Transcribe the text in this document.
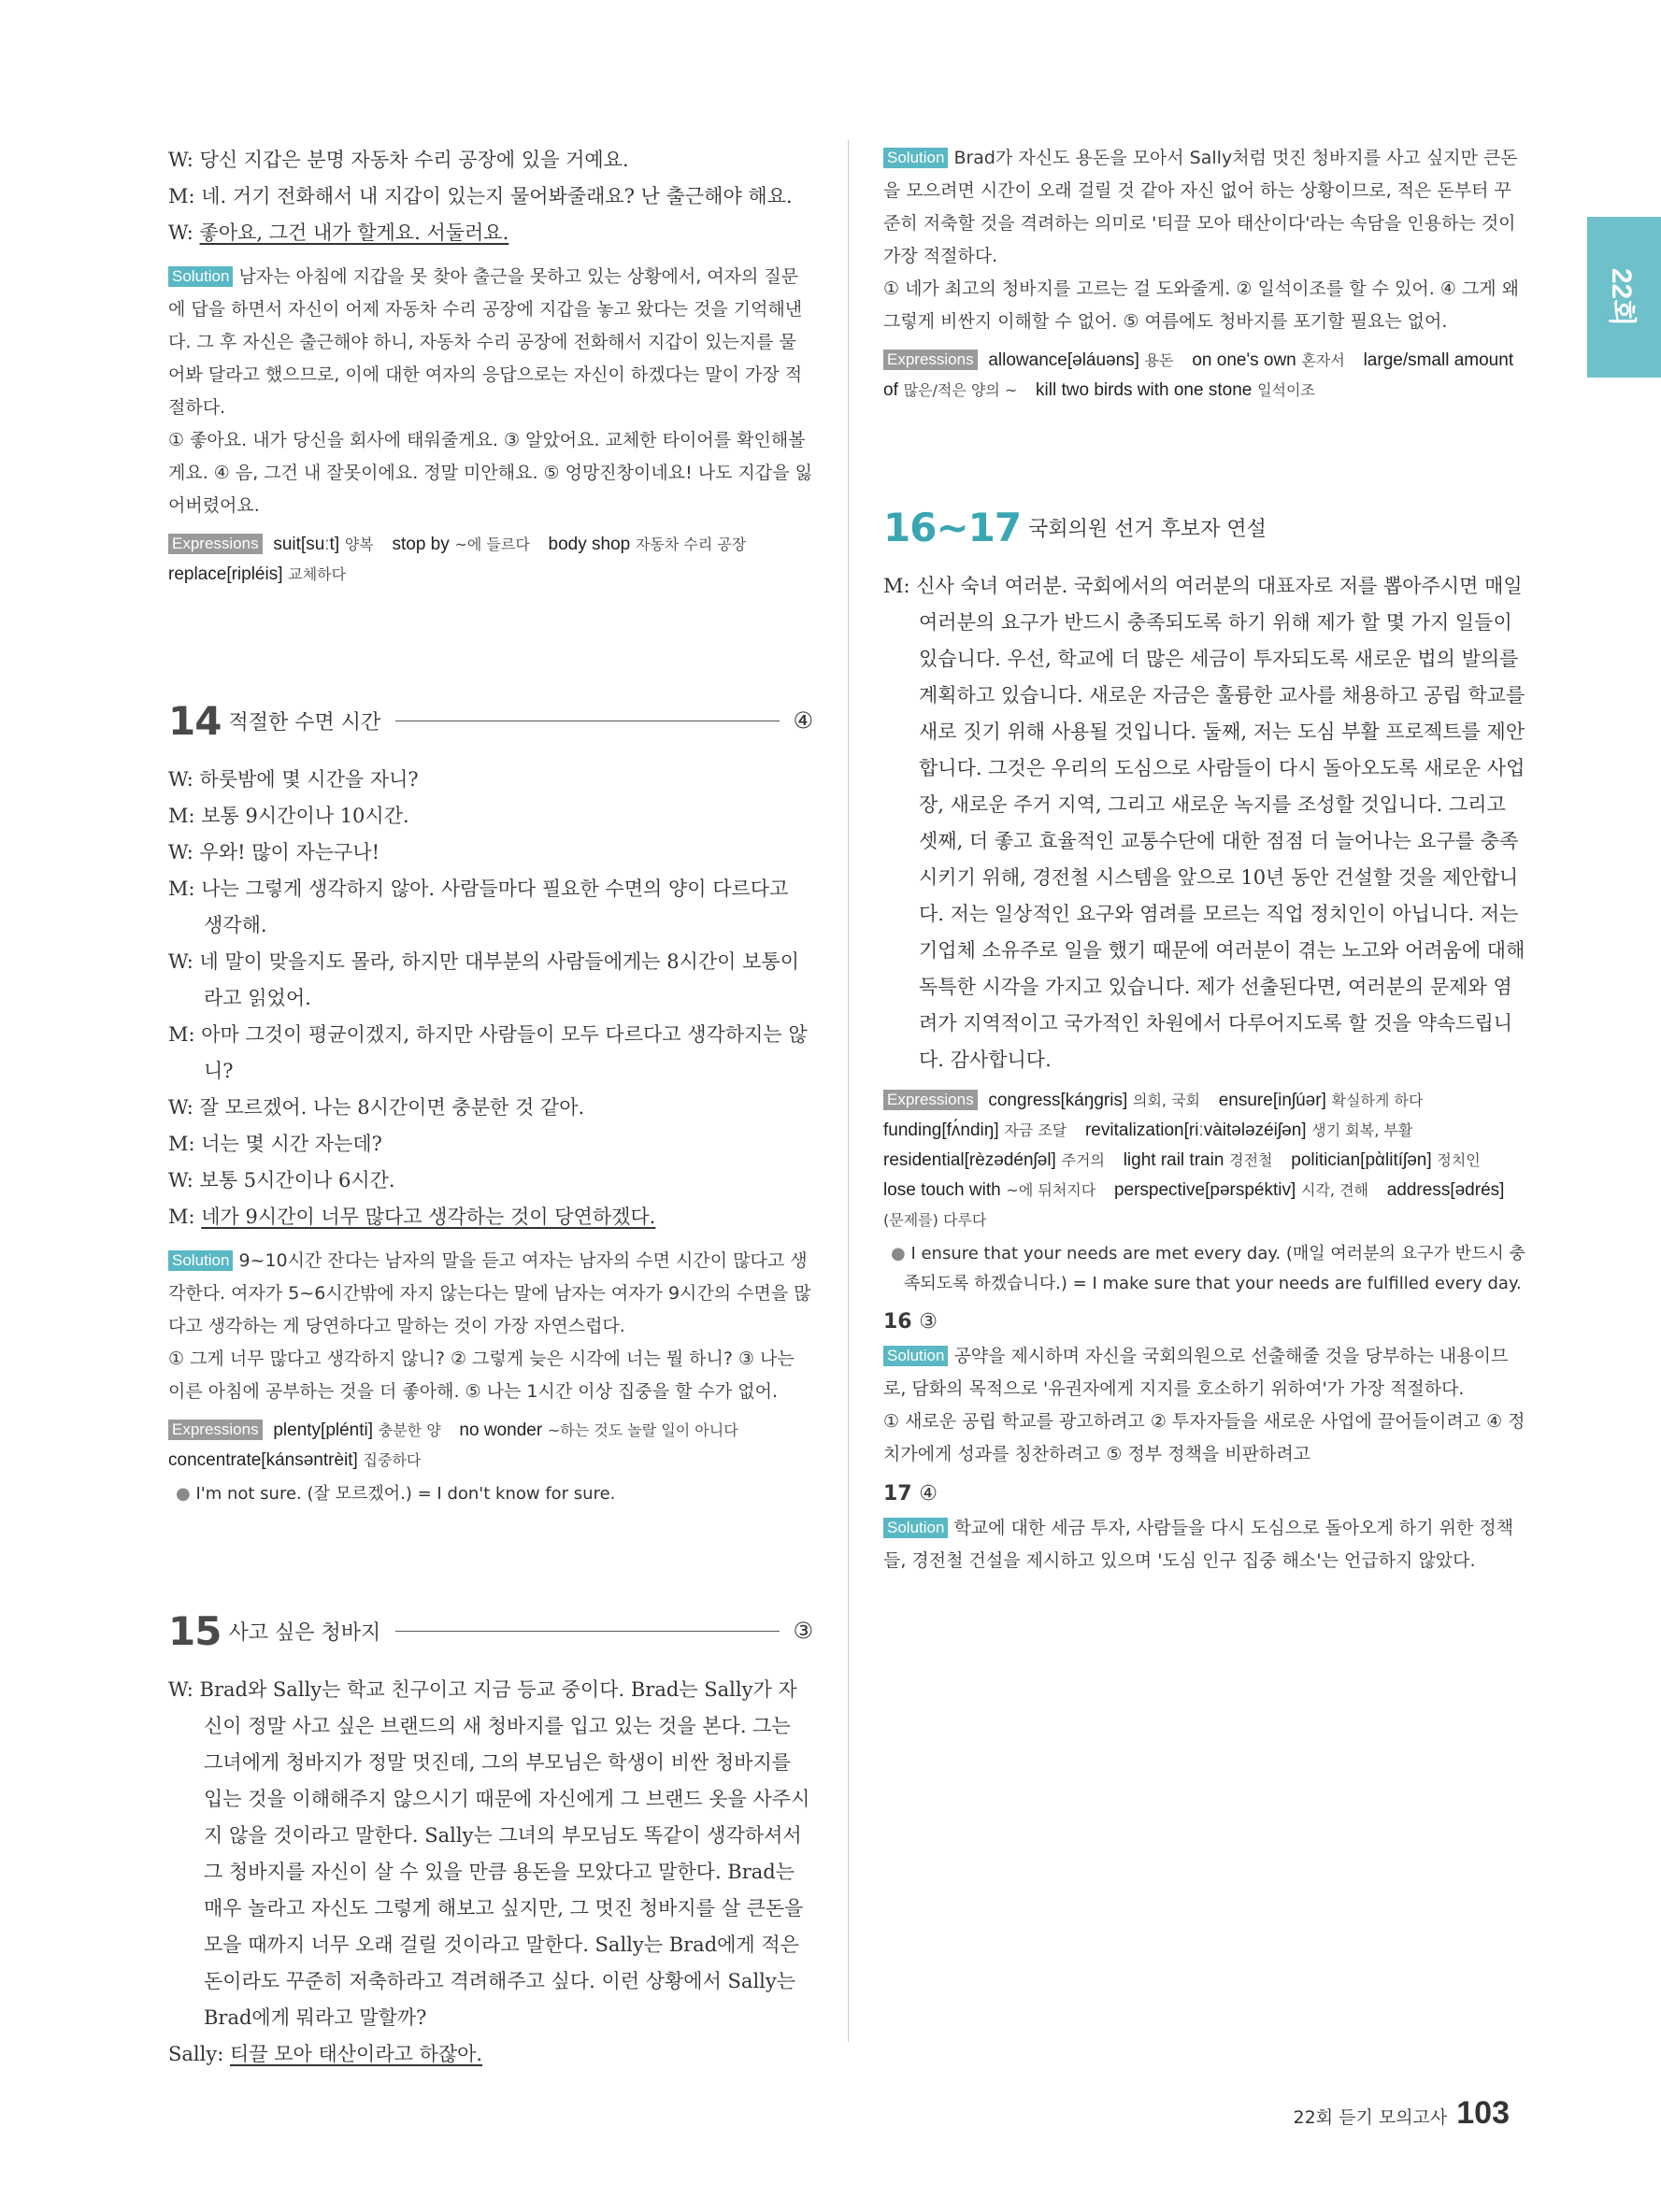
22회
W: 당신 지갑은 분명 자동차 수리 공장에 있을 거예요.
M: 네. 거기 전화해서 내 지갑이 있는지 물어봐줄래요? 난 출근해야 해요.
W: 좋아요, 그건 내가 할게요. 서둘러요.
Solution 남자는 아침에 지갑을 못 찾아 출근을 못하고 있는 상황에서, 여자의 질문에 답을 하면서 자신이 어제 자동차 수리 공장에 지갑을 놓고 왔다는 것을 기억해낸다. 그 후 자신은 출근해야 하니, 자동차 수리 공장에 전화해서 지갑이 있는지를 물어봐 달라고 했으므로, 이에 대한 여자의 응답으로는 자신이 하겠다는 말이 가장 적절하다.
① 좋아요. 내가 당신을 회사에 태워줄게요. ③ 알았어요. 교체한 타이어를 확인해볼게요. ④ 음, 그건 내 잘못이에요. 정말 미안해요. ⑤ 엉망진창이네요! 나도 지갑을 잃어버렸어요.
Expressions suit[suːt] 양복 stop by ~에 들르다 body shop 자동차 수리 공장 replace[ripléis] 교체하다
14 적절한 수면 시간	④
W: 하룻밤에 몇 시간을 자니?
M: 보통 9시간이나 10시간.
W: 우와! 많이 자는구나!
M: 나는 그렇게 생각하지 않아. 사람들마다 필요한 수면의 양이 다르다고 생각해.
W: 네 말이 맞을지도 몰라, 하지만 대부분의 사람들에게는 8시간이 보통이라고 읽었어.
M: 아마 그것이 평균이겠지, 하지만 사람들이 모두 다르다고 생각하지는 않니?
W: 잘 모르겠어. 나는 8시간이면 충분한 것 같아.
M: 너는 몇 시간 자는데?
W: 보통 5시간이나 6시간.
M: 네가 9시간이 너무 많다고 생각하는 것이 당연하겠다.
Solution 9~10시간 잔다는 남자의 말을 듣고 여자는 남자의 수면 시간이 많다고 생각한다. 여자가 5~6시간밖에 자지 않는다는 말에 남자는 여자가 9시간의 수면을 많다고 생각하는 게 당연하다고 말하는 것이 가장 자연스럽다.
① 그게 너무 많다고 생각하지 않니? ② 그렇게 늦은 시각에 너는 뭘 하니? ③ 나는 이른 아침에 공부하는 것을 더 좋아해. ⑤ 나는 1시간 이상 집중을 할 수가 없어.
Expressions plenty[plénti] 충분한 양 no wonder ~하는 것도 놀랄 일이 아니다 concentrate[kánsəntrèit] 집중하다
● I'm not sure. (잘 모르겠어.) = I don't know for sure.
15 사고 싶은 청바지	③
W: Brad와 Sally는 학교 친구이고 지금 등교 중이다. Brad는 Sally가 자신이 정말 사고 싶은 브랜드의 새 청바지를 입고 있는 것을 본다. 그는 그녀에게 청바지가 정말 멋진데, 그의 부모님은 학생이 비싼 청바지를 입는 것을 이해해주지 않으시기 때문에 자신에게 그 브랜드 옷을 사주시지 않을 것이라고 말한다. Sally는 그녀의 부모님도 똑같이 생각하셔서 그 청바지를 자신이 살 수 있을 만큼 용돈을 모았다고 말한다. Brad는 매우 놀라고 자신도 그렇게 해보고 싶지만, 그 멋진 청바지를 살 큰돈을 모을 때까지 너무 오래 걸릴 것이라고 말한다. Sally는 Brad에게 적은 돈이라도 꾸준히 저축하라고 격려해주고 싶다. 이런 상황에서 Sally는 Brad에게 뭐라고 말할까?
Sally: 티끌 모아 태산이라고 하잖아.
Solution Brad가 자신도 용돈을 모아서 Sally처럼 멋진 청바지를 사고 싶지만 큰돈을 모으려면 시간이 오래 걸릴 것 같아 자신 없어 하는 상황이므로, 적은 돈부터 꾸준히 저축할 것을 격려하는 의미로 '티끌 모아 태산이다'라는 속담을 인용하는 것이 가장 적절하다.
① 네가 최고의 청바지를 고르는 걸 도와줄게. ② 일석이조를 할 수 있어. ④ 그게 왜 그렇게 비싼지 이해할 수 없어. ⑤ 여름에도 청바지를 포기할 필요는 없어.
Expressions allowance[əláuəns] 용돈 on one's own 혼자서 large/small amount of 많은/적은 양의 ~ kill two birds with one stone 일석이조
16~17 국회의원 선거 후보자 연설
M: 신사 숙녀 여러분. 국회에서의 여러분의 대표자로 저를 뽑아주시면 매일 여러분의 요구가 반드시 충족되도록 하기 위해 제가 할 몇 가지 일들이 있습니다. 우선, 학교에 더 많은 세금이 투자되도록 새로운 법의 발의를 계획하고 있습니다. 새로운 자금은 훌륭한 교사를 채용하고 공립 학교를 새로 짓기 위해 사용될 것입니다. 둘째, 저는 도심 부활 프로젝트를 제안합니다. 그것은 우리의 도심으로 사람들이 다시 돌아오도록 새로운 사업장, 새로운 주거 지역, 그리고 새로운 녹지를 조성할 것입니다. 그리고 셋째, 더 좋고 효율적인 교통수단에 대한 점점 더 늘어나는 요구를 충족시키기 위해, 경전철 시스템을 앞으로 10년 동안 건설할 것을 제안합니다. 저는 일상적인 요구와 염려를 모르는 직업 정치인이 아닙니다. 저는 기업체 소유주로 일을 했기 때문에 여러분이 겪는 노고와 어려움에 대해 독특한 시각을 가지고 있습니다. 제가 선출된다면, 여러분의 문제와 염려가 지역적이고 국가적인 차원에서 다루어지도록 할 것을 약속드립니다. 감사합니다.
Expressions congress[káŋgris] 의회, 국회 ensure[inʃúər] 확실하게 하다 funding[fʌ́ndiŋ] 자금 조달 revitalization[riːvàitəlәzéiʃən] 생기 회복, 부활 residential[rèzədénʃəl] 주거의 light rail train 경전철 politician[pὰlitíʃən] 정치인 lose touch with ~에 뒤처지다 perspective[pərspéktiv] 시각, 견해 address[ədrés] (문제를) 다루다
● I ensure that your needs are met every day. (매일 여러분의 요구가 반드시 충족되도록 하겠습니다.) = I make sure that your needs are fulfilled every day.
16 ③
Solution 공약을 제시하며 자신을 국회의원으로 선출해줄 것을 당부하는 내용이므로, 담화의 목적으로 '유권자에게 지지를 호소하기 위하여'가 가장 적절하다.
① 새로운 공립 학교를 광고하려고 ② 투자자들을 새로운 사업에 끌어들이려고 ④ 정치가에게 성과를 칭찬하려고 ⑤ 정부 정책을 비판하려고
17 ④
Solution 학교에 대한 세금 투자, 사람들을 다시 도심으로 돌아오게 하기 위한 정책들, 경전철 건설을 제시하고 있으며 '도심 인구 집중 해소'는 언급하지 않았다.
22회 듣기 모의고사 103
